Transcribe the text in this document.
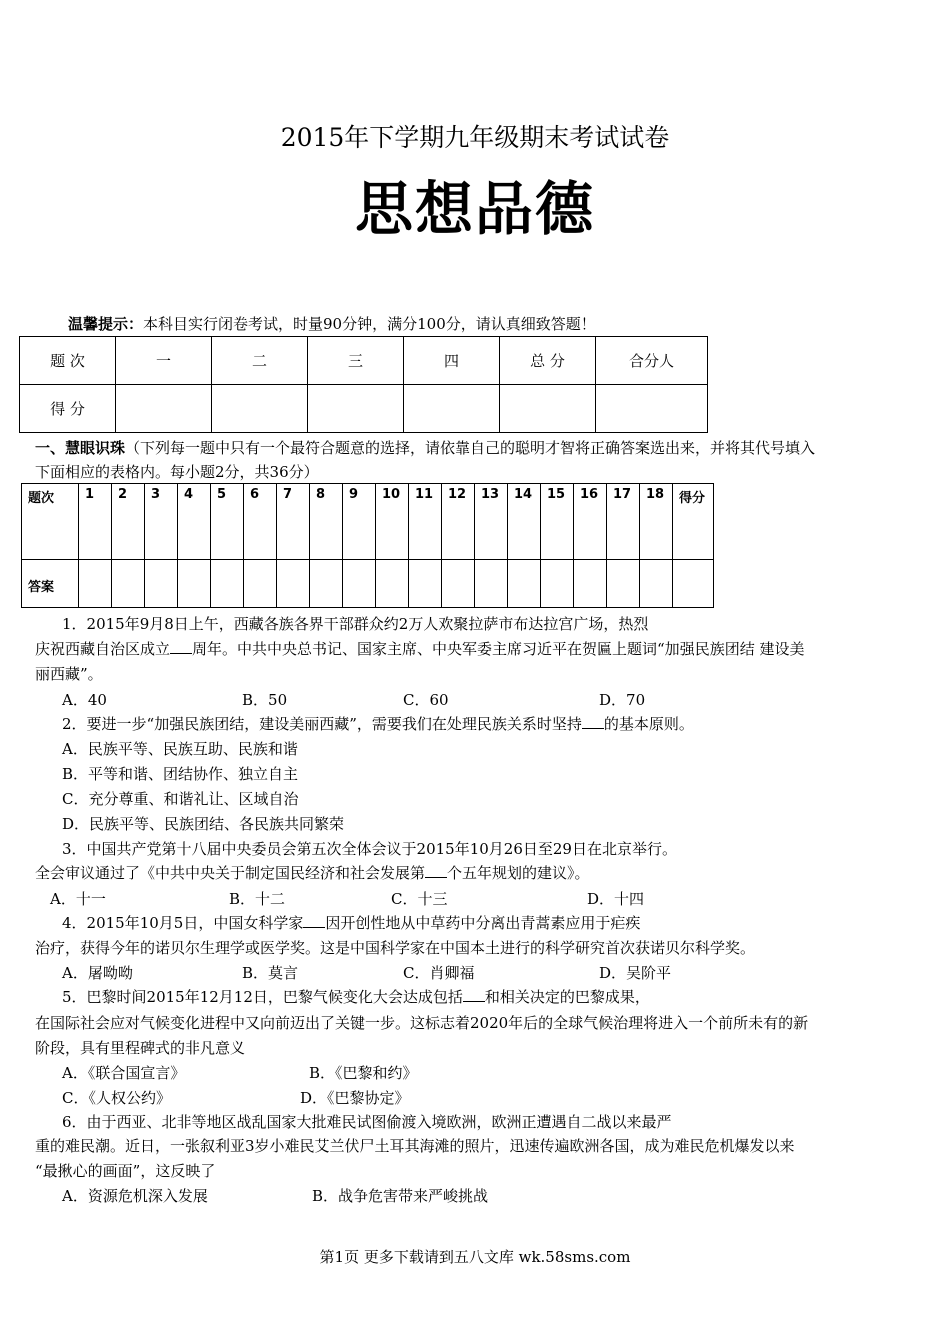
2015年下学期九年级期末考试试卷
思想品德
温馨提示：本科目实行闭卷考试，时量90分钟，满分100分，请认真细致答题！
题 次	一	二	三	四	总 分	合分人
得 分						
一、慧眼识珠（下列每一题中只有一个最符合题意的选择，请依靠自己的聪明才智将正确答案选出来，并将其代号填入
下面相应的表格内。每小题2分，共36分）
题次	1	2	3	4	5	6	7	8	9	10	11	12	13	14	15	16	17	18	得分
答案																			
1．2015年9月8日上午，西藏各族各界干部群众约2万人欢聚拉萨市布达拉宫广场，热烈
庆祝西藏自治区成立 周年。中共中央总书记、国家主席、中央军委主席习近平在贺匾上题词“加强民族团结 建设美
丽西藏”。
A．40	B．50	C．60	D．70
2．要进一步“加强民族团结，建设美丽西藏”，需要我们在处理民族关系时坚持 的基本原则。
A．民族平等、民族互助、民族和谐
B．平等和谐、团结协作、独立自主
C．充分尊重、和谐礼让、区域自治
D．民族平等、民族团结、各民族共同繁荣
3．中国共产党第十八届中央委员会第五次全体会议于2015年10月26日至29日在北京举行。
全会审议通过了《中共中央关于制定国民经济和社会发展第 个五年规划的建议》。
A．十一	B．十二	C．十三	D．十四
4．2015年10月5日，中国女科学家 因开创性地从中草药中分离出青蒿素应用于疟疾
治疗，获得今年的诺贝尔生理学或医学奖。这是中国科学家在中国本土进行的科学研究首次获诺贝尔科学奖。
A．屠呦呦	B．莫言	C．肖卿福	D．吴阶平
5．巴黎时间2015年12月12日，巴黎气候变化大会达成包括 和相关决定的巴黎成果，
在国际社会应对气候变化进程中又向前迈出了关键一步。这标志着2020年后的全球气候治理将进入一个前所未有的新
阶段，具有里程碑式的非凡意义
A．《联合国宣言》	B．《巴黎和约》
C．《人权公约》	D．《巴黎协定》
6．由于西亚、北非等地区战乱国家大批难民试图偷渡入境欧洲，欧洲正遭遇自二战以来最严
重的难民潮。近日，一张叙利亚3岁小难民艾兰伏尸土耳其海滩的照片，迅速传遍欧洲各国，成为难民危机爆发以来
“最揪心的画面”，这反映了
A．资源危机深入发展	B．战争危害带来严峻挑战
第1页 更多下载请到五八文库 wk.58sms.com
